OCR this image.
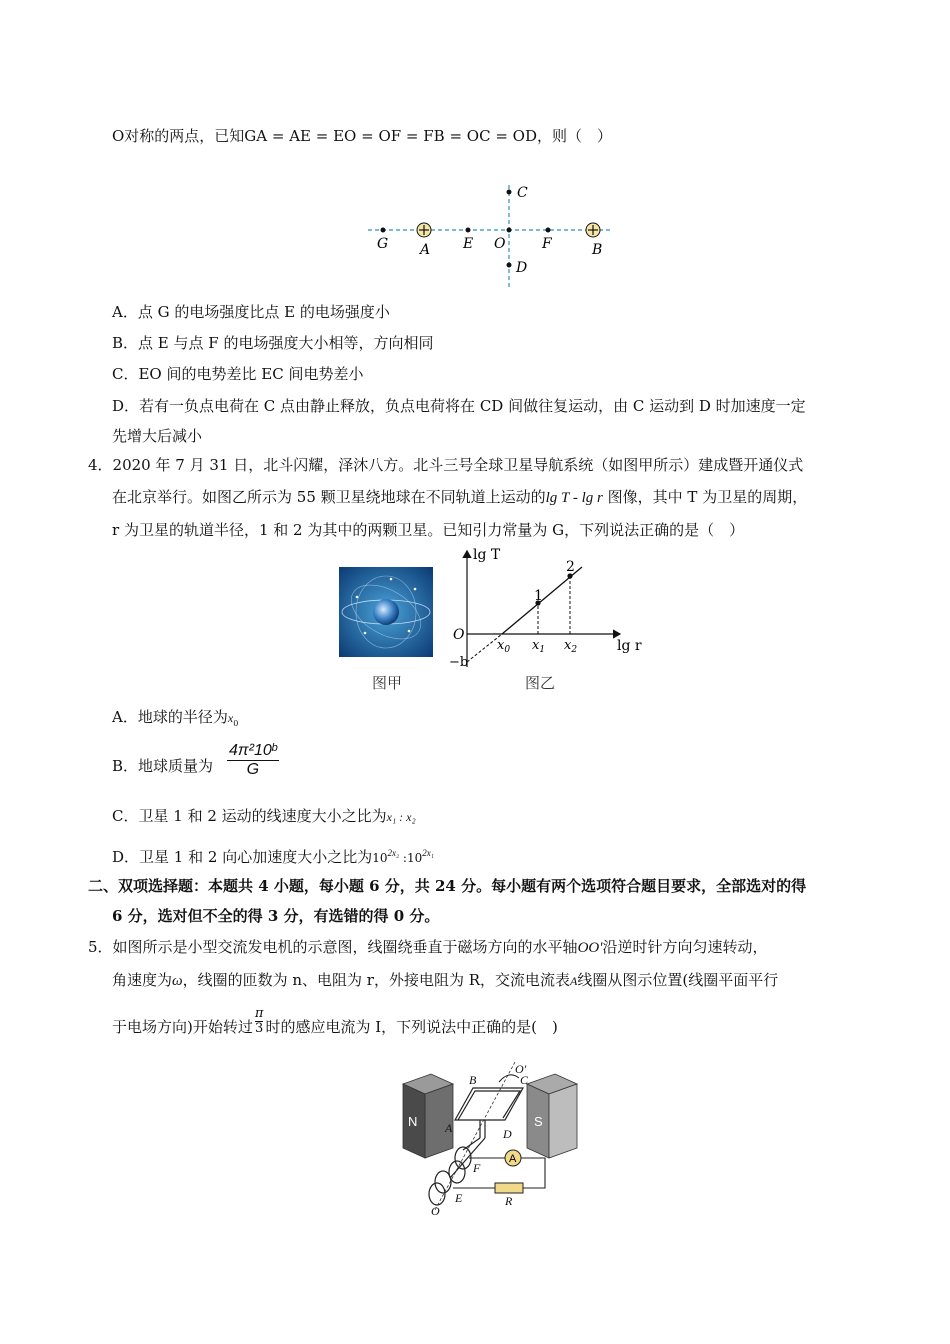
O对称的两点，已知GA = AE = EO = OF = FB = OC = OD，则（　）
C
G A E O	F	B
D
A．点 G 的电场强度比点 E 的电场强度小
B．点 E 与点 F 的电场强度大小相等，方向相同
C．EO 间的电势差比 EC 间电势差小
D．若有一负点电荷在 C 点由静止释放，负点电荷将在 CD 间做往复运动，由 C 运动到 D 时加速度一定
先增大后减小
4．2020 年 7 月 31 日，北斗闪耀，泽沐八方。北斗三号全球卫星导航系统（如图甲所示）建成暨开通仪式
在北京举行。如图乙所示为 55 颗卫星绕地球在不同轨道上运动的lg T - lg r 图像，其中 T 为卫星的周期，
r 为卫星的轨道半径，1 和 2 为其中的两颗卫星。已知引力常量为 G，下列说法正确的是（　）
图甲
lg T
lg r
O
−b
$x_0$ $x_1$ $x_2$
1
2
图乙
A．地球的半径为$x_0$
B．地球质量为 $\frac{\text{4π²10ᵇ}}{G}$
C．卫星 1 和 2 运动的线速度大小之比为x₁ : x₂
D．卫星 1 和 2 向心加速度大小之比为$10^{2x_2}$ $:10^{2x_1}$
二、双项选择题：本题共 4 小题，每小题 6 分，共 24 分。每小题有两个选项符合题目要求，全部选对的得
6 分，选对但不全的得 3 分，有选错的得 0 分。
5．如图所示是小型交流发电机的示意图，线圈绕垂直于磁场方向的水平轴OO'沿逆时针方向匀速转动，
角速度为ω，线圈的匝数为 n、电阻为 r，外接电阻为 R，交流电流表A线圈从图示位置(线圈平面平行
于电场方向)开始转过 $\frac{\pi}{3}$ 时的感应电流为 I，下列说法中正确的是(　)
N	S
A
B	C
O'
A	D
F
E	R
O
